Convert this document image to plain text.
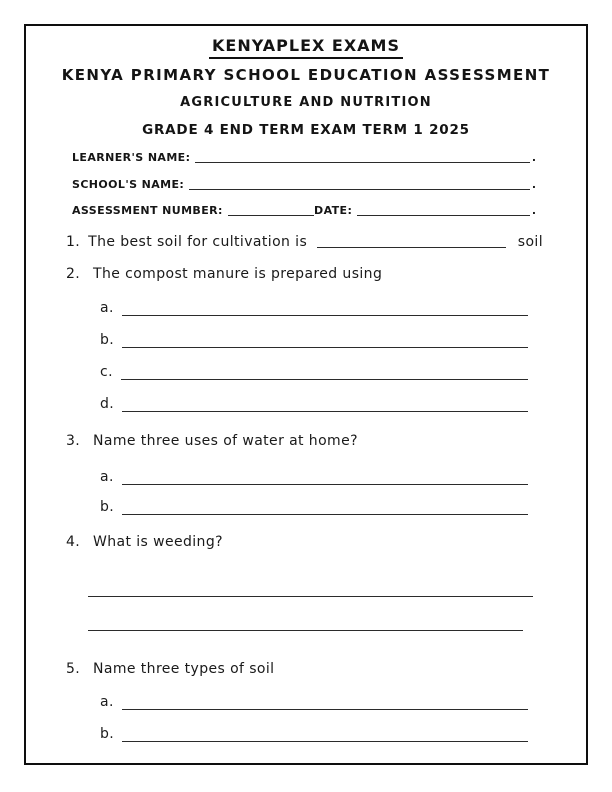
KENYAPLEX EXAMS
KENYA PRIMARY SCHOOL EDUCATION ASSESSMENT
AGRICULTURE AND NUTRITION
GRADE 4 END TERM EXAM TERM 1 2025
LEARNER'S NAME:	.
SCHOOL'S NAME:	.
ASSESSMENT NUMBER:	DATE:	.
1. The best soil for cultivation is	soil
2. The compost manure is prepared using
a.
b.
c.
d.
3. Name three uses of water at home?
a.
b.
4. What is weeding?
5. Name three types of soil
a.
b.
